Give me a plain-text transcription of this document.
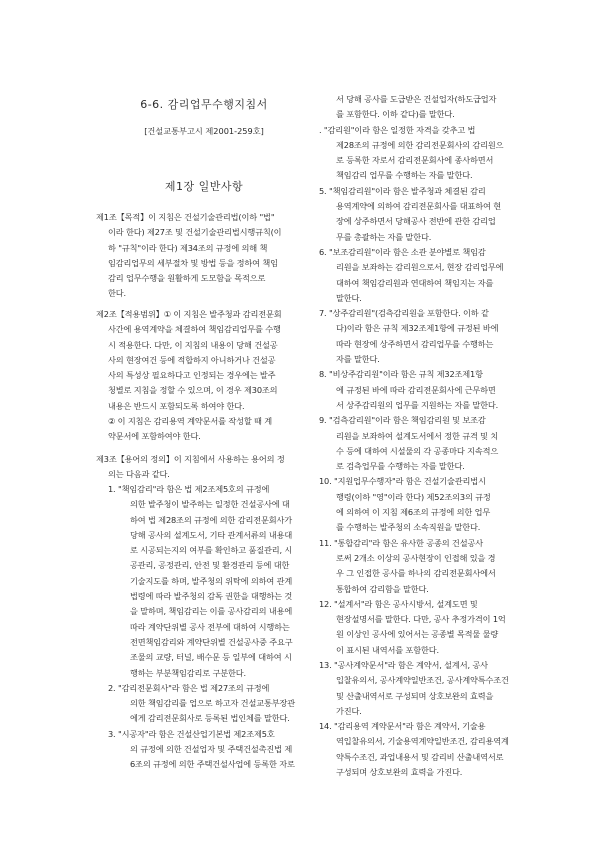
6-6. 감리업무수행지침서
[건설교통부고시 제2001-259호]
제1장 일반사항

제1조【목적】이 지침은 건설기술관리법(이하 "법"

이라 한다) 제27조 및 건설기술관리법시행규칙(이

하 "규칙"이라 한다) 제34조의 규정에 의해 책

임감리업무의 세부절차 및 방법 등을 정하여 책임

감리 업무수행을 원활하게 도모함을 목적으로

한다.

제2조【적용범위】① 이 지침은 발주청과 감리전문회

사간에 용역계약을 체결하여 책임감리업무를 수행

시 적용한다. 다만, 이 지침의 내용이 당해 건설공

사의 현장여건 등에 적합하지 아니하거나 건설공

사의 특성상 필요하다고 인정되는 경우에는 발주

청별로 지침을 정할 수 있으며, 이 경우 제30조의

내용은 반드시 포함되도록 하여야 한다.

② 이 지침은 감리용역 계약문서를 작성할 때 계

약문서에 포함하여야 한다.

제3조【용어의 정의】이 지침에서 사용하는 용어의 정

의는 다음과 같다.

1. "책임감리"라 함은 법 제2조제5호의 규정에

의한 발주청이 발주하는 일정한 건설공사에 대

하여 법 제28조의 규정에 의한 감리전문회사가

당해 공사의 설계도서, 기타 관계서류의 내용대

로 시공되는지의 여부를 확인하고 품질관리, 시

공관리, 공정관리, 안전 및 환경관리 등에 대한

기술지도를 하며, 발주청의 위탁에 의하여 관계

법령에 따라 발주청의 감독 권한을 대행하는 것

을 말하며, 책임감리는 이를 공사감리의 내용에

따라 계약단위별 공사 전부에 대하여 시행하는

전면책임감리와 계약단위별 건설공사중 주요구

조물의 교량, 터널, 배수문 등 일부에 대하여 시

행하는 부분책임감리로 구분한다.

2. "감리전문회사"라 함은 법 제27조의 규정에

의한 책임감리를 업으로 하고자 건설교통부장관

에게 감리전문회사로 등록된 법인체를 말한다.

3. "시공자"라 함은 건설산업기본법 제2조제5호

의 규정에 의한 건설업자 및 주택건설촉진법 제

6조의 규정에 의한 주택건설사업에 등록한 자로

서 당해 공사를 도급받은 건설업자(하도급업자

를 포함한다. 이하 같다)를 말한다.

. "감리원"이라 함은 일정한 자격을 갖추고 법

제28조의 규정에 의한 감리전문회사의 감리원으

로 등록한 자로서 감리전문회사에 종사하면서

책임감리 업무를 수행하는 자를 말한다.

5. "책임감리원"이라 함은 발주청과 체결된 감리

용역계약에 의하여 감리전문회사를 대표하여 현

장에 상주하면서 당해공사 전반에 관한 감리업

무를 총괄하는 자를 말한다.

6. "보조감리원"이라 함은 소관 분야별로 책임감

리원을 보좌하는 감리원으로서, 현장 감리업무에

대하여 책임감리원과 연대하여 책임지는 자를

말한다.

7. "상주감리원"(검측감리원을 포함한다. 이하 같

다)이라 함은 규칙 제32조제1항에 규정된 바에

따라 현장에 상주하면서 감리업무를 수행하는

자를 말한다.

8. "비상주감리원"이라 함은 규칙 제32조제1항

에 규정된 바에 따라 감리전문회사에 근무하면

서 상주감리원의 업무를 지원하는 자를 말한다.

9. "검측감리원"이라 함은 책임감리원 및 보조감

리원을 보좌하여 설계도서에서 정한 규격 및 치

수 등에 대하여 시설물의 각 공종마다 지속적으

로 검측업무를 수행하는 자를 말한다.

10. "지원업무수행자"라 함은 건설기술관리법시

행령(이하 "영"이라 한다) 제52조의3의 규정

에 의하여 이 지침 제6조의 규정에 의한 업무

를 수행하는 발주청의 소속직원을 말한다.

11. "통합감리"라 함은 유사한 공종의 건설공사

로써 2개소 이상의 공사현장이 인접해 있을 경

우 그 인접한 공사를 하나의 감리전문회사에서

통합하여 감리함을 말한다.

12. "설계서"라 함은 공사시방서, 설계도면 및

현장설명서를 말한다. 다만, 공사 추정가격이 1억

원 이상인 공사에 있어서는 공종별 목적물 물량

이 표시된 내역서를 포함한다.

13. "공사계약문서"라 함은 계약서, 설계서, 공사

입찰유의서, 공사계약일반조건, 공사계약특수조건

및 산출내역서로 구성되며 상호보완의 효력을

가진다.

14. "감리용역 계약문서"라 함은 계약서, 기술용

역입찰유의서, 기술용역계약일반조건, 감리용역계

약특수조건, 과업내용서 및 감리비 산출내역서로

구성되며 상호보완의 효력을 가진다.
